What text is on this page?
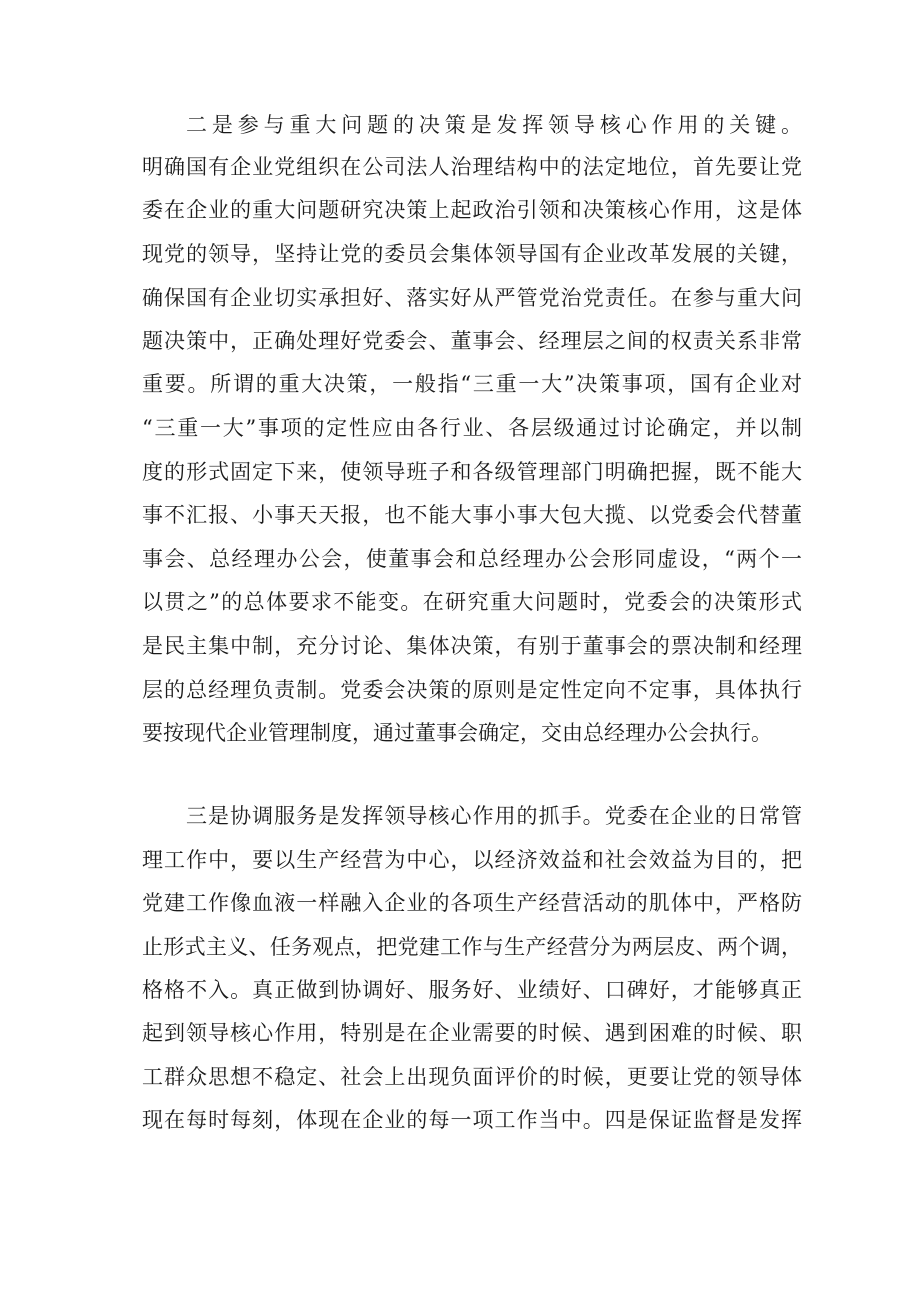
二是参与重大问题的决策是发挥领导核心作用的关键。
明确国有企业党组织在公司法人治理结构中的法定地位，首先要让党
委在企业的重大问题研究决策上起政治引领和决策核心作用，这是体
现党的领导，坚持让党的委员会集体领导国有企业改革发展的关键，
确保国有企业切实承担好、落实好从严管党治党责任。在参与重大问
题决策中，正确处理好党委会、董事会、经理层之间的权责关系非常
重要。所谓的重大决策，一般指“三重一大”决策事项，国有企业对
“三重一大”事项的定性应由各行业、各层级通过讨论确定，并以制
度的形式固定下来，使领导班子和各级管理部门明确把握，既不能大
事不汇报、小事天天报，也不能大事小事大包大揽、以党委会代替董
事会、总经理办公会，使董事会和总经理办公会形同虚设，“两个一
以贯之”的总体要求不能变。在研究重大问题时，党委会的决策形式
是民主集中制，充分讨论、集体决策，有别于董事会的票决制和经理
层的总经理负责制。党委会决策的原则是定性定向不定事，具体执行
要按现代企业管理制度，通过董事会确定，交由总经理办公会执行。
三是协调服务是发挥领导核心作用的抓手。党委在企业的日常管
理工作中，要以生产经营为中心，以经济效益和社会效益为目的，把
党建工作像血液一样融入企业的各项生产经营活动的肌体中，严格防
止形式主义、任务观点，把党建工作与生产经营分为两层皮、两个调，
格格不入。真正做到协调好、服务好、业绩好、口碑好，才能够真正
起到领导核心作用，特别是在企业需要的时候、遇到困难的时候、职
工群众思想不稳定、社会上出现负面评价的时候，更要让党的领导体
现在每时每刻，体现在企业的每一项工作当中。四是保证监督是发挥
